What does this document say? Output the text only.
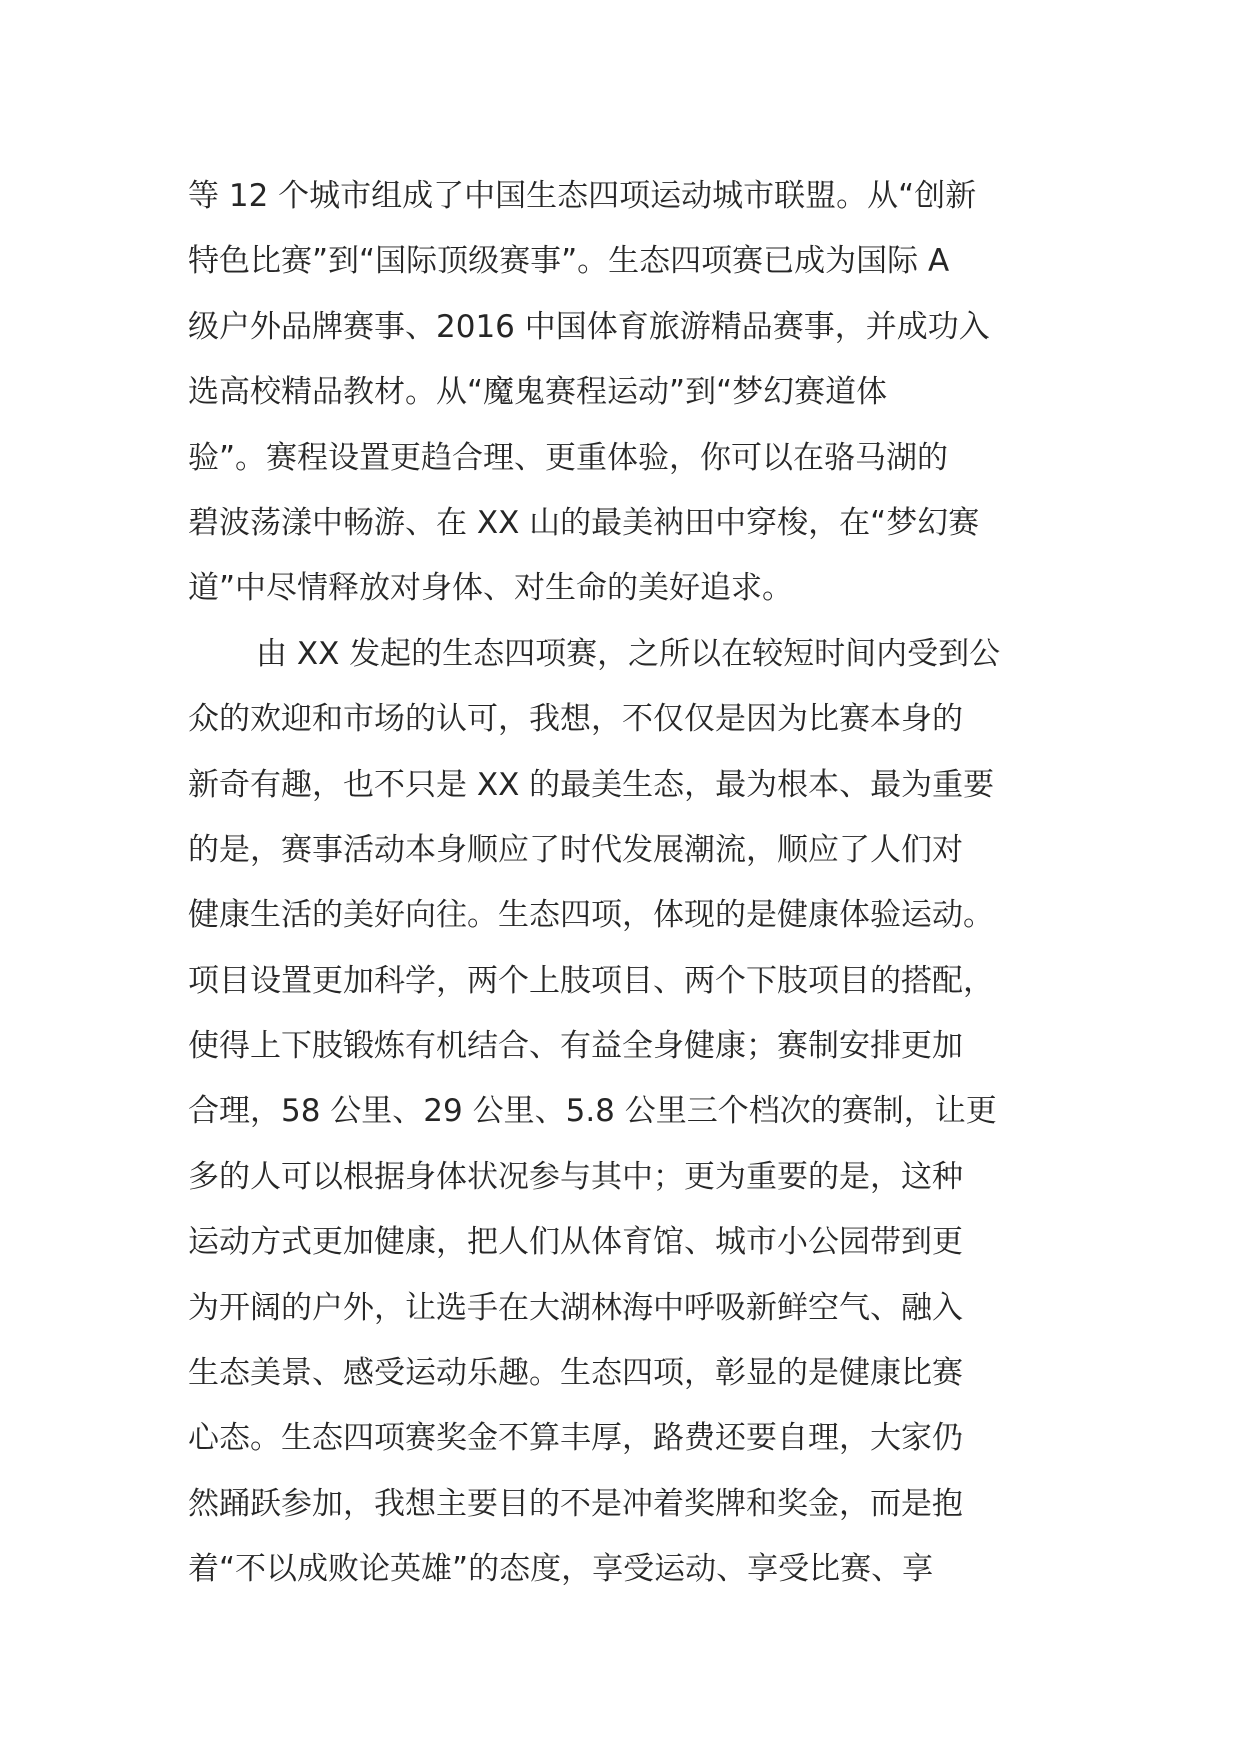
等 12 个城市组成了中国生态四项运动城市联盟。从“创新
特色比赛”到“国际顶级赛事”。生态四项赛已成为国际 A
级户外品牌赛事、2016 中国体育旅游精品赛事，并成功入
选高校精品教材。从“魔鬼赛程运动”到“梦幻赛道体
验”。赛程设置更趋合理、更重体验，你可以在骆马湖的
碧波荡漾中畅游、在 XX 山的最美衲田中穿梭，在“梦幻赛
道”中尽情释放对身体、对生命的美好追求。
由 XX 发起的生态四项赛，之所以在较短时间内受到公
众的欢迎和市场的认可，我想，不仅仅是因为比赛本身的
新奇有趣，也不只是 XX 的最美生态，最为根本、最为重要
的是，赛事活动本身顺应了时代发展潮流，顺应了人们对
健康生活的美好向往。生态四项，体现的是健康体验运动。
项目设置更加科学，两个上肢项目、两个下肢项目的搭配，
使得上下肢锻炼有机结合、有益全身健康；赛制安排更加
合理，58 公里、29 公里、5.8 公里三个档次的赛制，让更
多的人可以根据身体状况参与其中；更为重要的是，这种
运动方式更加健康，把人们从体育馆、城市小公园带到更
为开阔的户外，让选手在大湖林海中呼吸新鲜空气、融入
生态美景、感受运动乐趣。生态四项，彰显的是健康比赛
心态。生态四项赛奖金不算丰厚，路费还要自理，大家仍
然踊跃参加，我想主要目的不是冲着奖牌和奖金，而是抱
着“不以成败论英雄”的态度，享受运动、享受比赛、享
